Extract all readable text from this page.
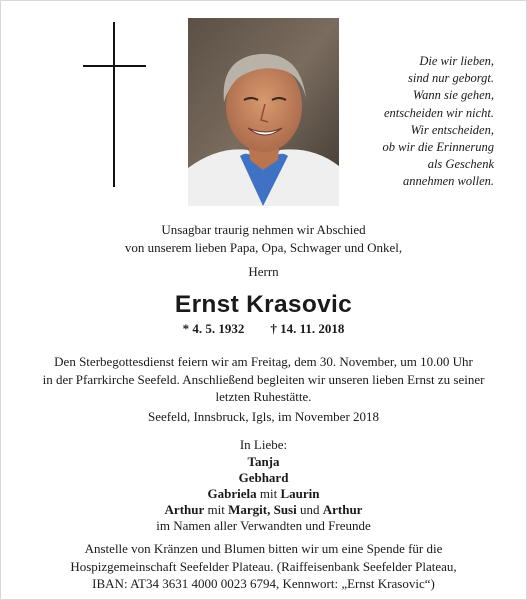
Die wir lieben,
sind nur geborgt.
Wann sie gehen,
entscheiden wir nicht.
Wir entscheiden,
ob wir die Erinnerung
als Geschenk
annehmen wollen.
Unsagbar traurig nehmen wir Abschied
von unserem lieben Papa, Opa, Schwager und Onkel,
Herrn
Ernst Krasovic
* 4. 5. 1932 † 14. 11. 2018
Den Sterbegottesdienst feiern wir am Freitag, dem 30. November, um 10.00 Uhr
in der Pfarrkirche Seefeld. Anschließend begleiten wir unseren lieben Ernst zu seiner
letzten Ruhestätte.
Seefeld, Innsbruck, Igls, im November 2018
In Liebe:
Tanja
Gebhard
Gabriela mit Laurin
Arthur mit Margit, Susi und Arthur
im Namen aller Verwandten und Freunde
Anstelle von Kränzen und Blumen bitten wir um eine Spende für die
Hospizgemeinschaft Seefelder Plateau. (Raiffeisenbank Seefelder Plateau,
IBAN: AT34 3631 4000 0023 6794, Kennwort: „Ernst Krasovic“)
